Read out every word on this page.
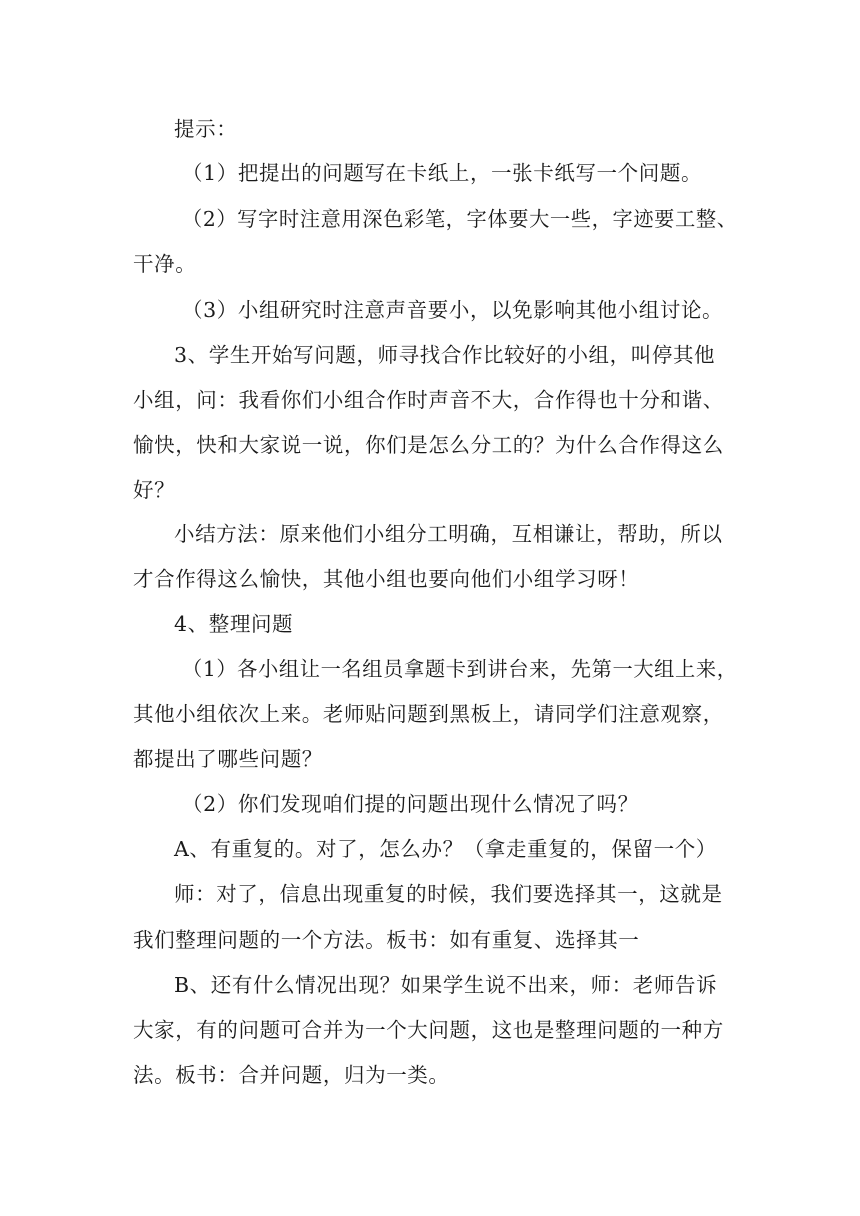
提示：
（1）把提出的问题写在卡纸上，一张卡纸写一个问题。
（2）写字时注意用深色彩笔，字体要大一些，字迹要工整、
干净。
（3）小组研究时注意声音要小，以免影响其他小组讨论。
3、学生开始写问题，师寻找合作比较好的小组，叫停其他
小组，问：我看你们小组合作时声音不大，合作得也十分和谐、
愉快，快和大家说一说，你们是怎么分工的？为什么合作得这么
好？
小结方法：原来他们小组分工明确，互相谦让，帮助，所以
才合作得这么愉快，其他小组也要向他们小组学习呀！
4、整理问题
（1）各小组让一名组员拿题卡到讲台来，先第一大组上来，
其他小组依次上来。老师贴问题到黑板上，请同学们注意观察，
都提出了哪些问题？
（2）你们发现咱们提的问题出现什么情况了吗？
A、有重复的。对了，怎么办？（拿走重复的，保留一个）
师：对了，信息出现重复的时候，我们要选择其一，这就是
我们整理问题的一个方法。板书：如有重复、选择其一
B、还有什么情况出现？如果学生说不出来，师：老师告诉
大家，有的问题可合并为一个大问题，这也是整理问题的一种方
法。板书：合并问题，归为一类。
